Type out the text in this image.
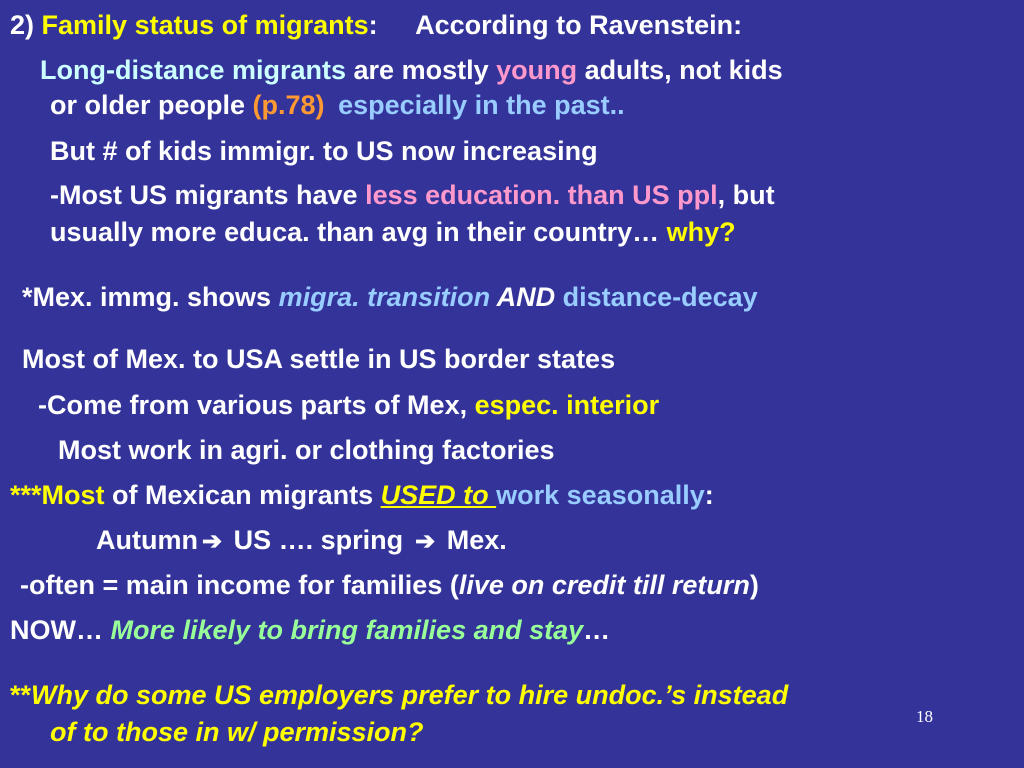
2) Family status of migrants: According to Ravenstein:
Long-distance migrants are mostly young adults, not kids
or older people (p.78) especially in the past..
But # of kids immigr. to US now increasing
-Most US migrants have less education. than US ppl, but
usually more educa. than avg in their country… why?
*Mex. immg. shows migra. transition AND distance-decay
Most of Mex. to USA settle in US border states
-Come from various parts of Mex, espec. interior
Most work in agri. or clothing factories
***Most of Mexican migrants USED to work seasonally:
Autumn ➔ US …. spring ➔ Mex.
-often = main income for families (live on credit till return)
NOW… More likely to bring families and stay…
**Why do some US employers prefer to hire undoc.’s instead
of to those in w/ permission?
18
